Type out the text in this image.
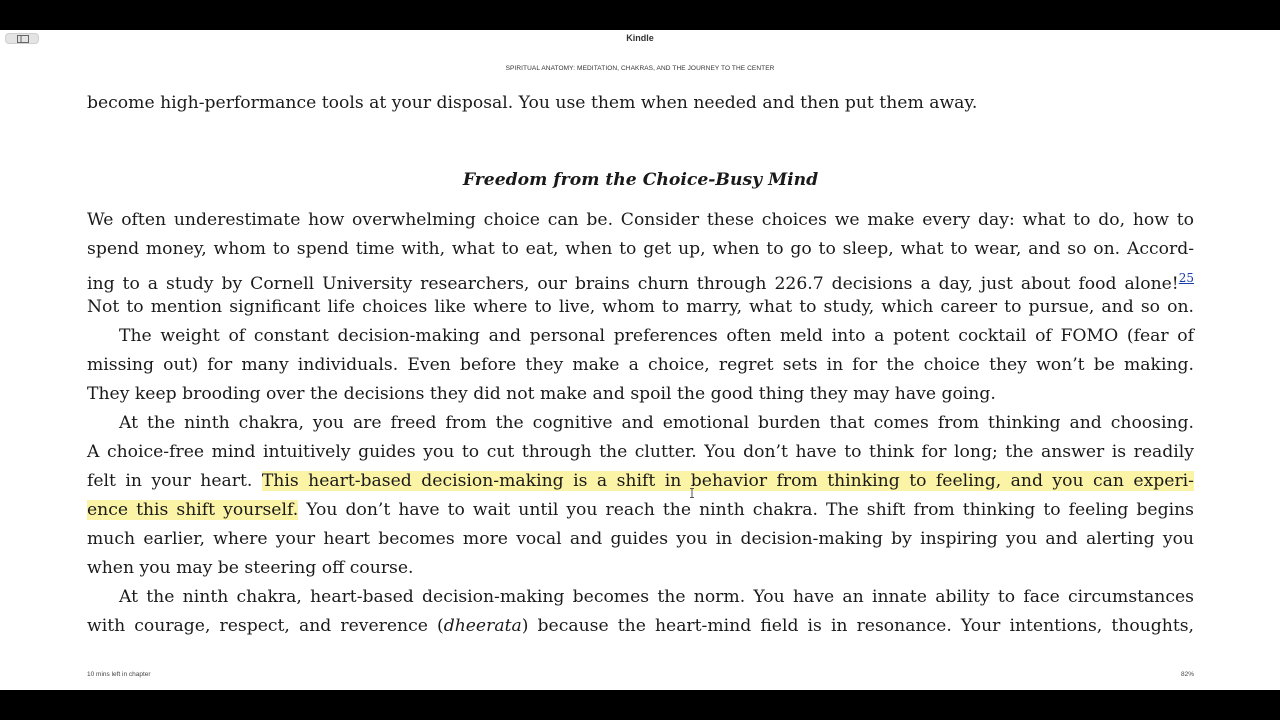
Kindle
SPIRITUAL ANATOMY: MEDITATION, CHAKRAS, AND THE JOURNEY TO THE CENTER
become high-performance tools at your disposal. You use them when needed and then put them away.
Freedom from the Choice-Busy Mind
We often underestimate how overwhelming choice can be. Consider these choices we make every day: what to do, how to
spend money, whom to spend time with, what to eat, when to get up, when to go to sleep, what to wear, and so on. Accord-
ing to a study by Cornell University researchers, our brains churn through 226.7 decisions a day, just about food alone!$^{25}$
Not to mention significant life choices like where to live, whom to marry, what to study, which career to pursue, and so on.
The weight of constant decision-making and personal preferences often meld into a potent cocktail of FOMO (fear of
missing out) for many individuals. Even before they make a choice, regret sets in for the choice they won’t be making.
They keep brooding over the decisions they did not make and spoil the good thing they may have going.
At the ninth chakra, you are freed from the cognitive and emotional burden that comes from thinking and choosing.
A choice-free mind intuitively guides you to cut through the clutter. You don’t have to think for long; the answer is readily
felt in your heart. This heart-based decision-making is a shift in behavior from thinking to feeling, and you can experi-
ence this shift yourself. You don’t have to wait until you reach the ninth chakra. The shift from thinking to feeling begins
much earlier, where your heart becomes more vocal and guides you in decision-making by inspiring you and alerting you
when you may be steering off course.
At the ninth chakra, heart-based decision-making becomes the norm. You have an innate ability to face circumstances
with courage, respect, and reverence (dheerata) because the heart-mind field is in resonance. Your intentions, thoughts,
10 mins left in chapter	82%
